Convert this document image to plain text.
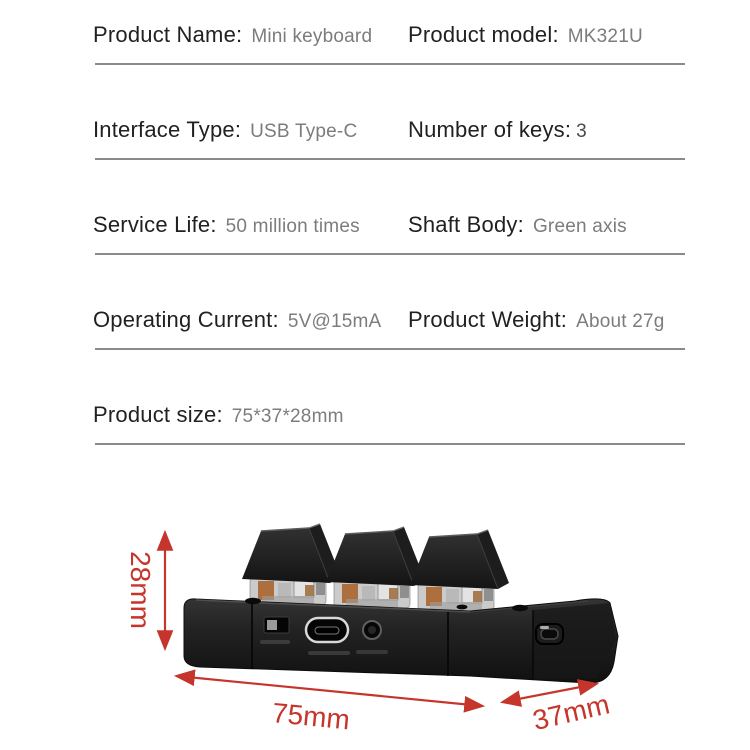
Product Name: Mini keyboard Product model: MK321U
Interface Type: USB Type-C Number of keys: 3
Service Life: 50 million times Shaft Body: Green axis
Operating Current: 5V@15mA Product Weight: About 27g
Product size: 75*37*28mm
28mm
75mm	37mm
